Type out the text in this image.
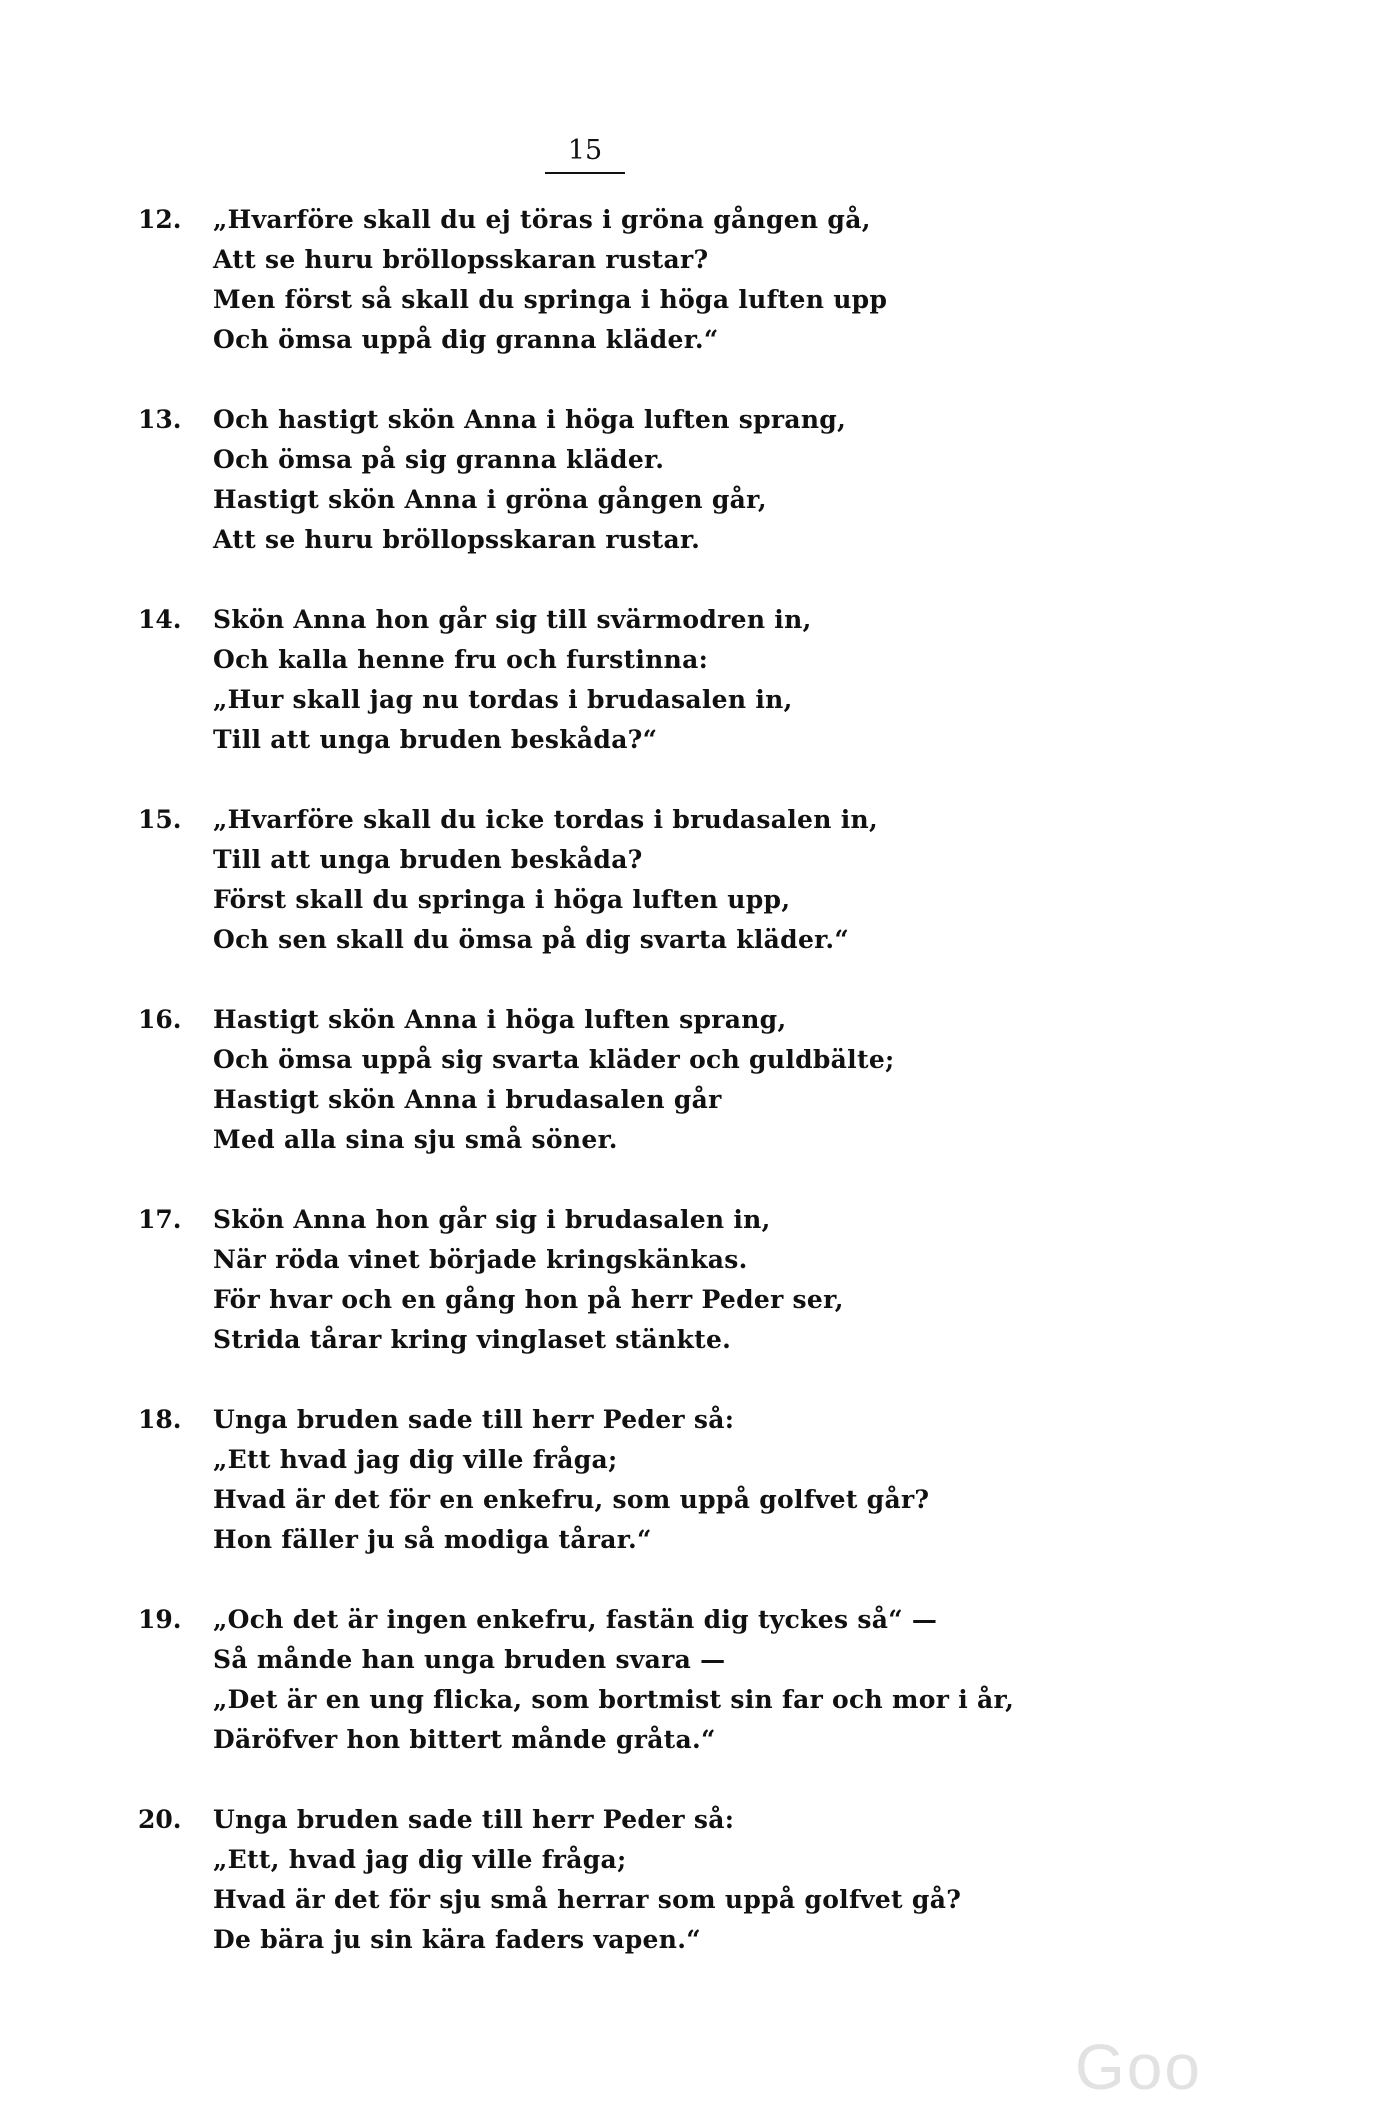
15
12. „Hvarföre skall du ej töras i gröna gången gå,
Att se huru bröllopsskaran rustar?
Men först så skall du springa i höga luften upp
Och ömsa uppå dig granna kläder.“
13. Och hastigt skön Anna i höga luften sprang,
Och ömsa på sig granna kläder.
Hastigt skön Anna i gröna gången går,
Att se huru bröllopsskaran rustar.
14. Skön Anna hon går sig till svärmodren in,
Och kalla henne fru och furstinna:
„Hur skall jag nu tordas i brudasalen in,
Till att unga bruden beskåda?“
15. „Hvarföre skall du icke tordas i brudasalen in,
Till att unga bruden beskåda?
Först skall du springa i höga luften upp,
Och sen skall du ömsa på dig svarta kläder.“
16. Hastigt skön Anna i höga luften sprang,
Och ömsa uppå sig svarta kläder och guldbälte;
Hastigt skön Anna i brudasalen går
Med alla sina sju små söner.
17. Skön Anna hon går sig i brudasalen in,
När röda vinet började kringskänkas.
För hvar och en gång hon på herr Peder ser,
Strida tårar kring vinglaset stänkte.
18. Unga bruden sade till herr Peder så:
„Ett hvad jag dig ville fråga;
Hvad är det för en enkefru, som uppå golfvet går?
Hon fäller ju så modiga tårar.“
19. „Och det är ingen enkefru, fastän dig tyckes så“ —
Så månde han unga bruden svara —
„Det är en ung flicka, som bortmist sin far och mor i år,
Däröfver hon bittert månde gråta.“
20. Unga bruden sade till herr Peder så:
„Ett, hvad jag dig ville fråga;
Hvad är det för sju små herrar som uppå golfvet gå?
De bära ju sin kära faders vapen.“
Goo
